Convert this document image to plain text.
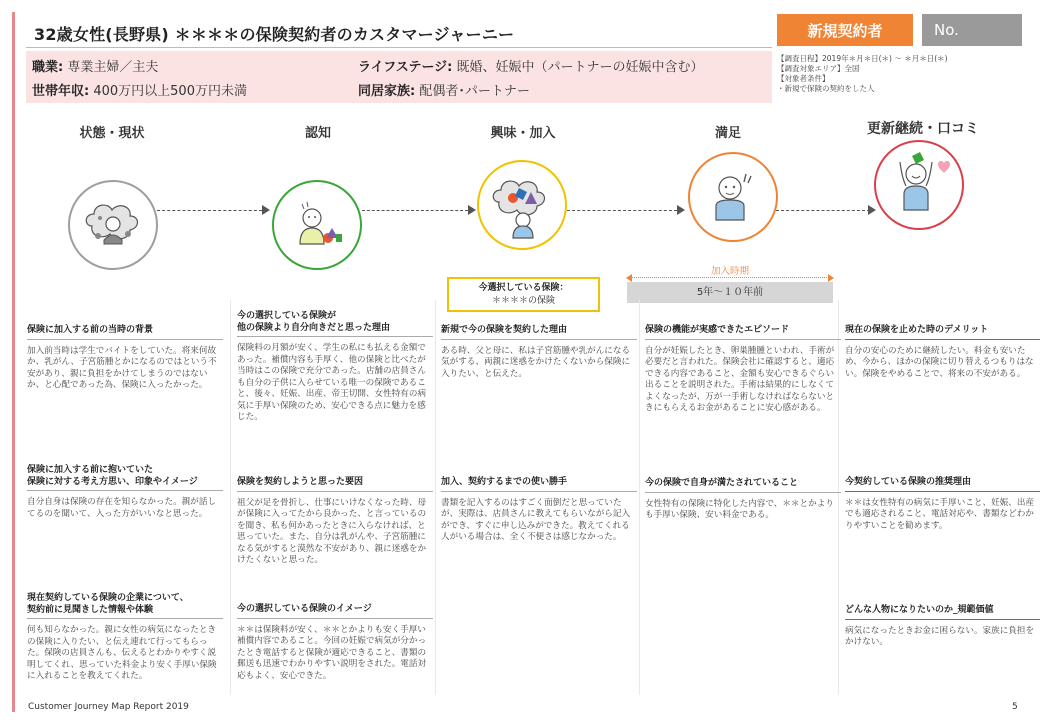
32歳女性(長野県) ＊＊＊＊の保険契約者のカスタマージャーニー	新規契約者	No.
職業: 専業主婦／主夫
世帯年収: 400万円以上500万円未満
ライフステージ: 既婚、妊娠中（パートナーの妊娠中含む）
同居家族: 配偶者･パートナー
【調査日程】2019年＊月＊日(＊) ～ ＊月＊日(＊)
【調査対象エリア】全国
【対象者条件】
・新規で保険の契約をした人
状態・現状	認知	興味・加入	満足	更新継続・口コミ
今選択している保険：
＊＊＊＊の保険
加入時期
5年～１０年前
保険に加入する前の当時の背景
加入前当時は学生でバイトをしていた。将来何故か、乳がん、子宮筋腫とかになるのではという不安があり、親に負担をかけてしまうのではないか、と心配であった為、保険に入ったかった。
保険に加入する前に抱いていた
保険に対する考え方思い、印象やイメージ
自分自身は保険の存在を知らなかった。親が話してるのを聞いて、入った方がいいなと思った。
現在契約している保険の企業について、
契約前に見聞きした情報や体験
何も知らなかった。親に女性の病気になったときの保険に入りたい、と伝え連れて行ってもらった。保険の店員さんも、伝えるとわかりやすく説明してくれ、思っていた料金より安く手厚い保険に入れることを教えてくれた。
今の選択している保険が
他の保険より自分向きだと思った理由
保険料の月額が安く、学生の私にも払える金額であった。補償内容も手厚く、他の保険と比べたが当時はこの保険で充分であった。店舗の店員さんも自分の子供に入らせている唯一の保険であること、後々、妊娠、出産、帝王切開、女性特有の病気に手厚い保険のため、安心できる点に魅力を感じた。
保険を契約しようと思った要因
祖父が足を骨折し、仕事にいけなくなった時、母が保険に入ってたから良かった、と言っているのを聞き、私も何かあったときに入らなければ、と思っていた。また、自分は乳がんや、子宮筋腫になる気がすると漠然な不安があり、親に迷惑をかけたくないと思った。
今の選択している保険のイメージ
＊＊は保険料が安く、＊＊とかよりも安く手厚い補償内容であること。今回の妊娠で病気が分かったとき電話すると保険が適応できること、書類の郵送も迅速でわかりやすい説明をされた。電話対応もよく、安心できた。
新規で今の保険を契約した理由
ある時、父と母に、私は子宮筋腫や乳がんになる気がする、両親に迷惑をかけたくないから保険に入りたい、と伝えた。
加入、契約するまでの使い勝手
書類を記入するのはすごく面倒だと思っていたが、実際は、店員さんに教えてもらいながら記入ができ、すぐに申し込みができた。教えてくれる人がいる場合は、全く不便さは感じなかった。
保険の機能が実感できたエピソード
自分が妊娠したとき、卵巣腫腫といわれ、手術が必要だと言われた。保険会社に確認すると、適応できる内容であること、金額も安心できるぐらい出ることを説明された。手術は結果的にしなくてよくなったが、万が一手術しなければならないときにもらえるお金があることに安心感がある。
今の保険で自身が満たされていること
女性特有の保険に特化した内容で、＊＊とかよりも手厚い保険、安い料金である。
現在の保険を止めた時のデメリット
自分の安心のために継続したい。料金も安いため、今から、ほかの保険に切り替えるつもりはない。保険をやめることで、将来の不安がある。
今契約している保険の推奨理由
＊＊は女性特有の病気に手厚いこと、妊娠、出産でも適応されること、電話対応や、書類などわかりやすいことを勧めます。
どんな人物になりたいのか_規範価値
病気になったときお金に困らない。家族に負担をかけない。
Customer Journey Map Report 2019	5
